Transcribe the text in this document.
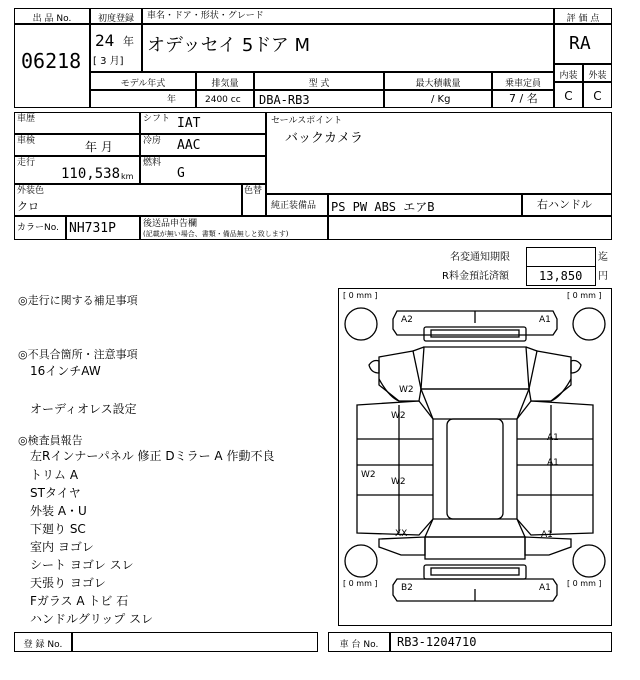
出 品 No.
06218
初度登録	車名・ドア・形状・グレード
24 年
[ 3 月]
オデッセイ 5ドア M
モデル年式	排気量	型 式	最大積載量	乗車定員
年	2400 cc DBA-RB3	/ Kg	7 / 名
評 価 点
RA
内装	外装
C	C
車歴	シフト IAT
車検	年 月	冷房 AAC
走行
110,538 km
燃料
G
セールスポイント
バックカメラ
外装色
クロ
色替
純正装備品 PS PW ABS エアB	右ハンドル
カラーNo. NH731P	後送品申告欄
(記載が無い場合、書類・備品無しと致します)
名変通知期限	迄
R料金預託済額	13,850 円
◎走行に関する補足事項
◎不具合箇所・注意事項
16インチAW
オーディオレス設定
◎検査員報告
左Rインナーパネル 修正 Dミラー A 作動不良
トリム A
STタイヤ
外装 A・U
下廻り SC
室内 ヨゴレ
シート ヨゴレ スレ
天張り ヨゴレ
Fガラス A トビ 石
ハンドルグリップ スレ
[ 0 mm ]	[ 0 mm ]
[ 0 mm ]	[ 0 mm ]
A2	A1
W2
W2
W2
W2
XX
A1
A1
A1
B2	A1
登 録 No.	車 台 No.	RB3-1204710
